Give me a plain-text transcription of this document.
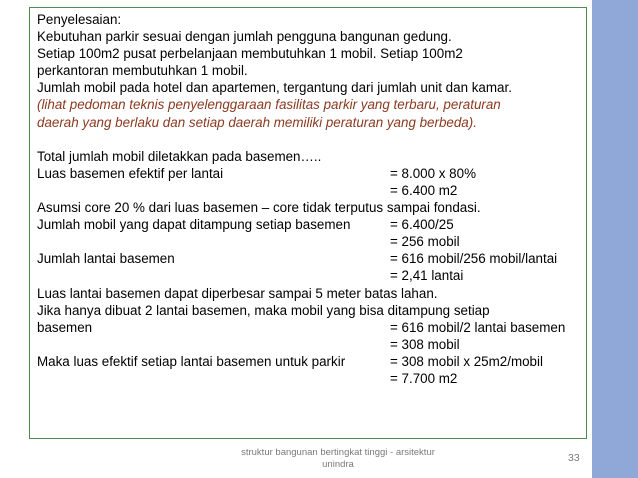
Penyelesaian:
Kebutuhan parkir sesuai dengan jumlah pengguna bangunan gedung.
Setiap 100m2 pusat perbelanjaan membutuhkan 1 mobil. Setiap 100m2
perkantoran membutuhkan 1 mobil.
Jumlah mobil pada hotel dan apartemen, tergantung dari jumlah unit dan kamar.
(lihat pedoman teknis penyelenggaraan fasilitas parkir yang terbaru, peraturan
daerah yang berlaku dan setiap daerah memiliki peraturan yang berbeda).
Total jumlah mobil diletakkan pada basemen…..
Luas basemen efektif per lantai	= 8.000 x 80%
= 6.400 m2
Asumsi core 20 % dari luas basemen – core tidak terputus sampai fondasi.
Jumlah mobil yang dapat ditampung setiap basemen	= 6.400/25
= 256 mobil
Jumlah lantai basemen	= 616 mobil/256 mobil/lantai
= 2,41 lantai
Luas lantai basemen dapat diperbesar sampai 5 meter batas lahan.
Jika hanya dibuat 2 lantai basemen, maka mobil yang bisa ditampung setiap
basemen	= 616 mobil/2 lantai basemen
= 308 mobil
Maka luas efektif setiap lantai basemen untuk parkir	= 308 mobil x 25m2/mobil
= 7.700 m2
struktur bangunan bertingkat tinggi - arsitektur
unindra
33
